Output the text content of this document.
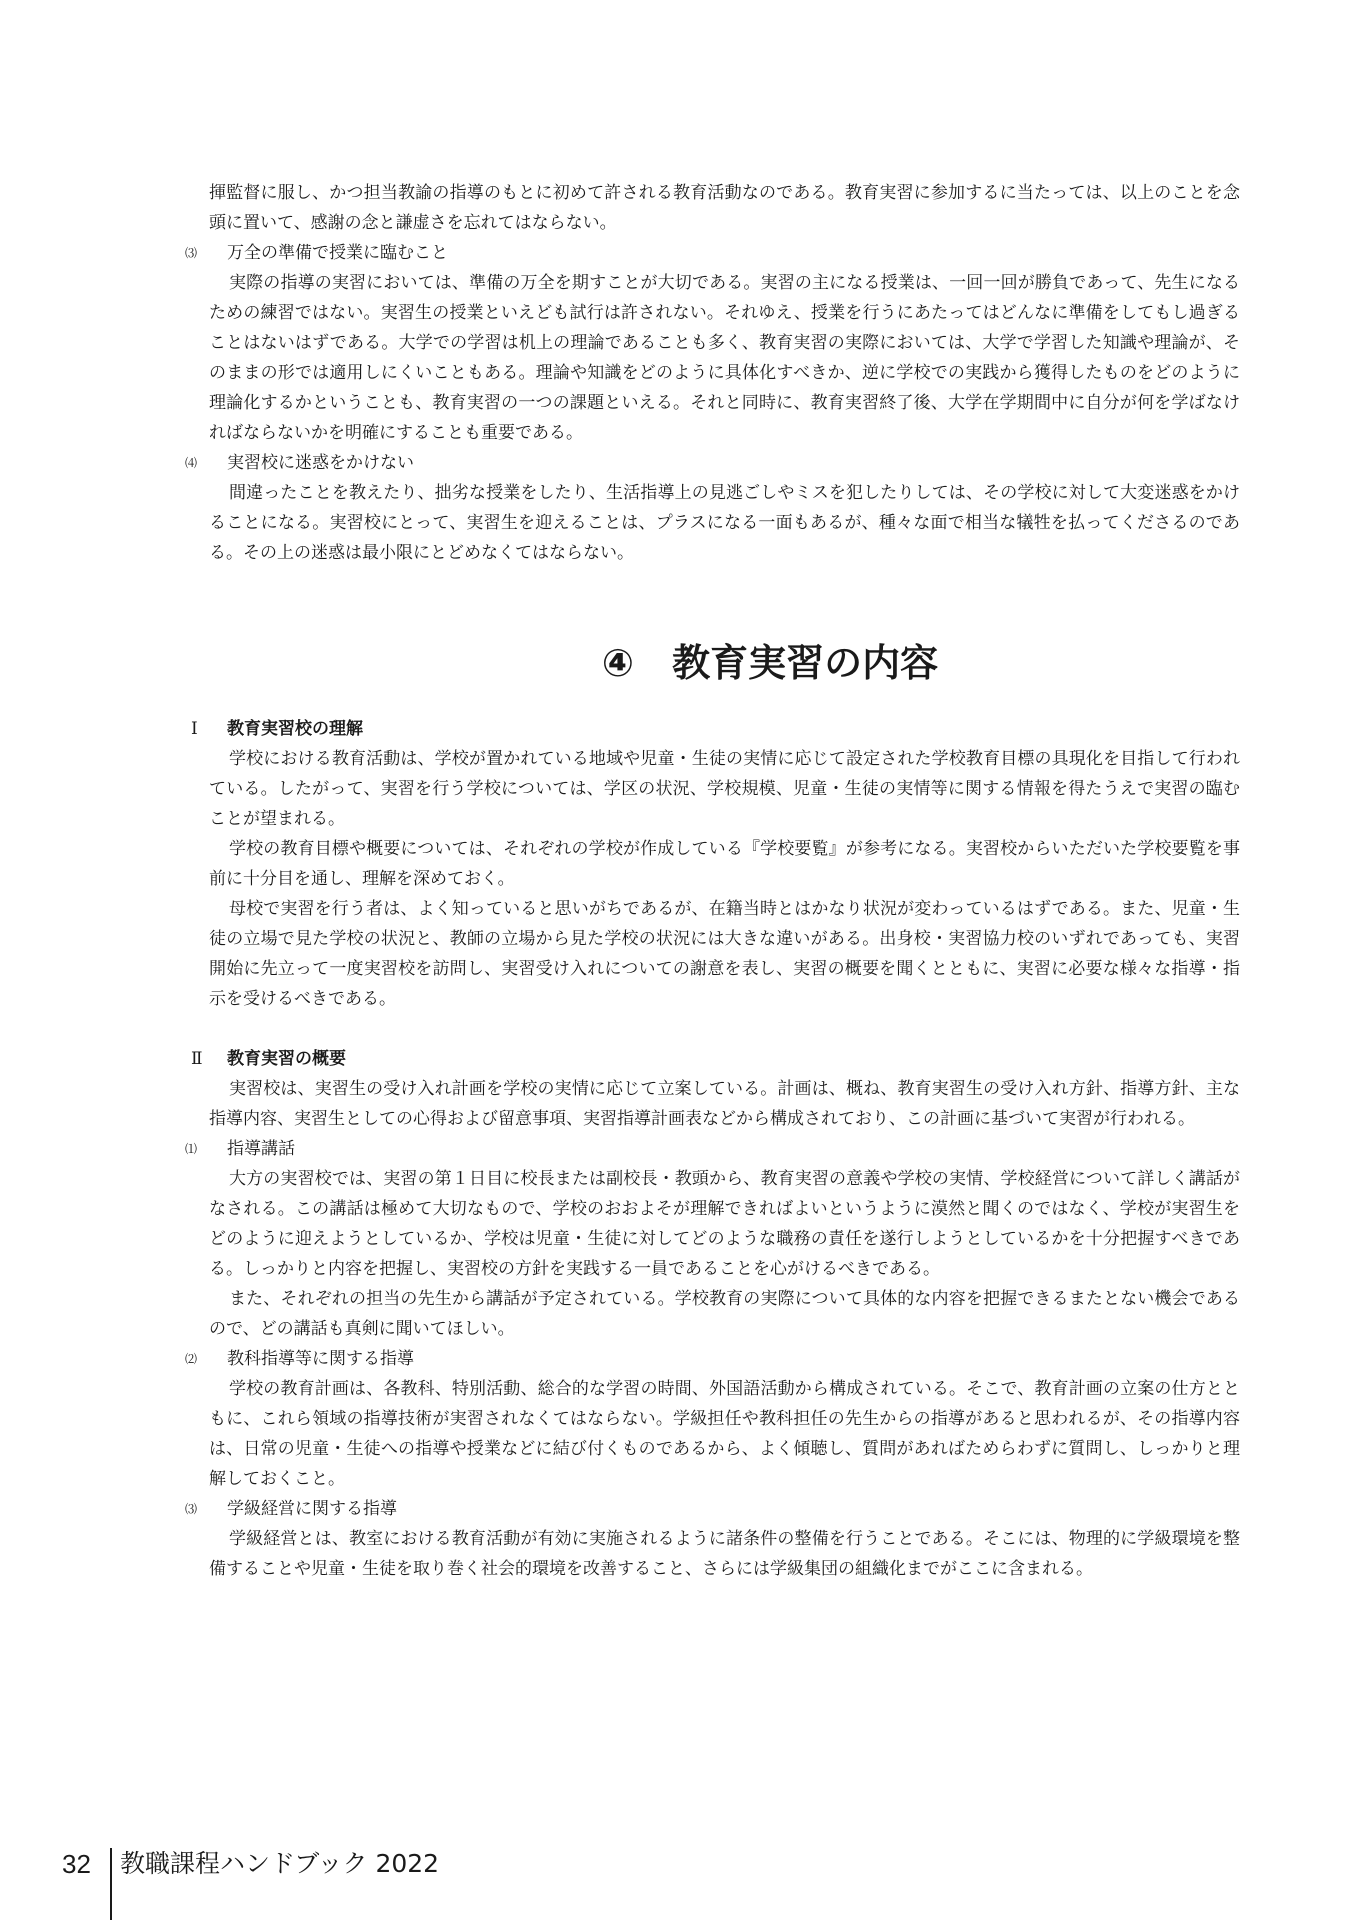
揮監督に服し、かつ担当教諭の指導のもとに初めて許される教育活動なのである。教育実習に参加するに当たっては、以上のことを念頭に置いて、感謝の念と謙虚さを忘れてはならない。

⑶ 万全の準備で授業に臨むこと

実際の指導の実習においては、準備の万全を期すことが大切である。実習の主になる授業は、一回一回が勝負であって、先生になるための練習ではない。実習生の授業といえども試行は許されない。それゆえ、授業を行うにあたってはどんなに準備をしてもし過ぎることはないはずである。大学での学習は机上の理論であることも多く、教育実習の実際においては、大学で学習した知識や理論が、そのままの形では適用しにくいこともある。理論や知識をどのように具体化すべきか、逆に学校での実践から獲得したものをどのように理論化するかということも、教育実習の一つの課題といえる。それと同時に、教育実習終了後、大学在学期間中に自分が何を学ばなければならないかを明確にすることも重要である。

⑷ 実習校に迷惑をかけない

間違ったことを教えたり、拙劣な授業をしたり、生活指導上の見逃ごしやミスを犯したりしては、その学校に対して大変迷惑をかけることになる。実習校にとって、実習生を迎えることは、プラスになる一面もあるが、種々な面で相当な犠牲を払ってくださるのである。その上の迷惑は最小限にとどめなくてはならない。

④ 教育実習の内容

Ⅰ 教育実習校の理解

学校における教育活動は、学校が置かれている地域や児童・生徒の実情に応じて設定された学校教育目標の具現化を目指して行われている。したがって、実習を行う学校については、学区の状況、学校規模、児童・生徒の実情等に関する情報を得たうえで実習の臨むことが望まれる。

学校の教育目標や概要については、それぞれの学校が作成している『学校要覧』が参考になる。実習校からいただいた学校要覧を事前に十分目を通し、理解を深めておく。

母校で実習を行う者は、よく知っていると思いがちであるが、在籍当時とはかなり状況が変わっているはずである。また、児童・生徒の立場で見た学校の状況と、教師の立場から見た学校の状況には大きな違いがある。出身校・実習協力校のいずれであっても、実習開始に先立って一度実習校を訪問し、実習受け入れについての謝意を表し、実習の概要を聞くとともに、実習に必要な様々な指導・指示を受けるべきである。

Ⅱ 教育実習の概要

実習校は、実習生の受け入れ計画を学校の実情に応じて立案している。計画は、概ね、教育実習生の受け入れ方針、指導方針、主な指導内容、実習生としての心得および留意事項、実習指導計画表などから構成されており、この計画に基づいて実習が行われる。

⑴ 指導講話

大方の実習校では、実習の第１日目に校長または副校長・教頭から、教育実習の意義や学校の実情、学校経営について詳しく講話がなされる。この講話は極めて大切なもので、学校のおおよそが理解できればよいというように漠然と聞くのではなく、学校が実習生をどのように迎えようとしているか、学校は児童・生徒に対してどのような職務の責任を遂行しようとしているかを十分把握すべきである。しっかりと内容を把握し、実習校の方針を実践する一員であることを心がけるべきである。

また、それぞれの担当の先生から講話が予定されている。学校教育の実際について具体的な内容を把握できるまたとない機会であるので、どの講話も真剣に聞いてほしい。

⑵ 教科指導等に関する指導

学校の教育計画は、各教科、特別活動、総合的な学習の時間、外国語活動から構成されている。そこで、教育計画の立案の仕方とともに、これら領域の指導技術が実習されなくてはならない。学級担任や教科担任の先生からの指導があると思われるが、その指導内容は、日常の児童・生徒への指導や授業などに結び付くものであるから、よく傾聴し、質問があればためらわずに質問し、しっかりと理解しておくこと。

⑶ 学級経営に関する指導

学級経営とは、教室における教育活動が有効に実施されるように諸条件の整備を行うことである。そこには、物理的に学級環境を整備することや児童・生徒を取り巻く社会的環境を改善すること、さらには学級集団の組織化までがここに含まれる。

32 教職課程ハンドブック 2022
